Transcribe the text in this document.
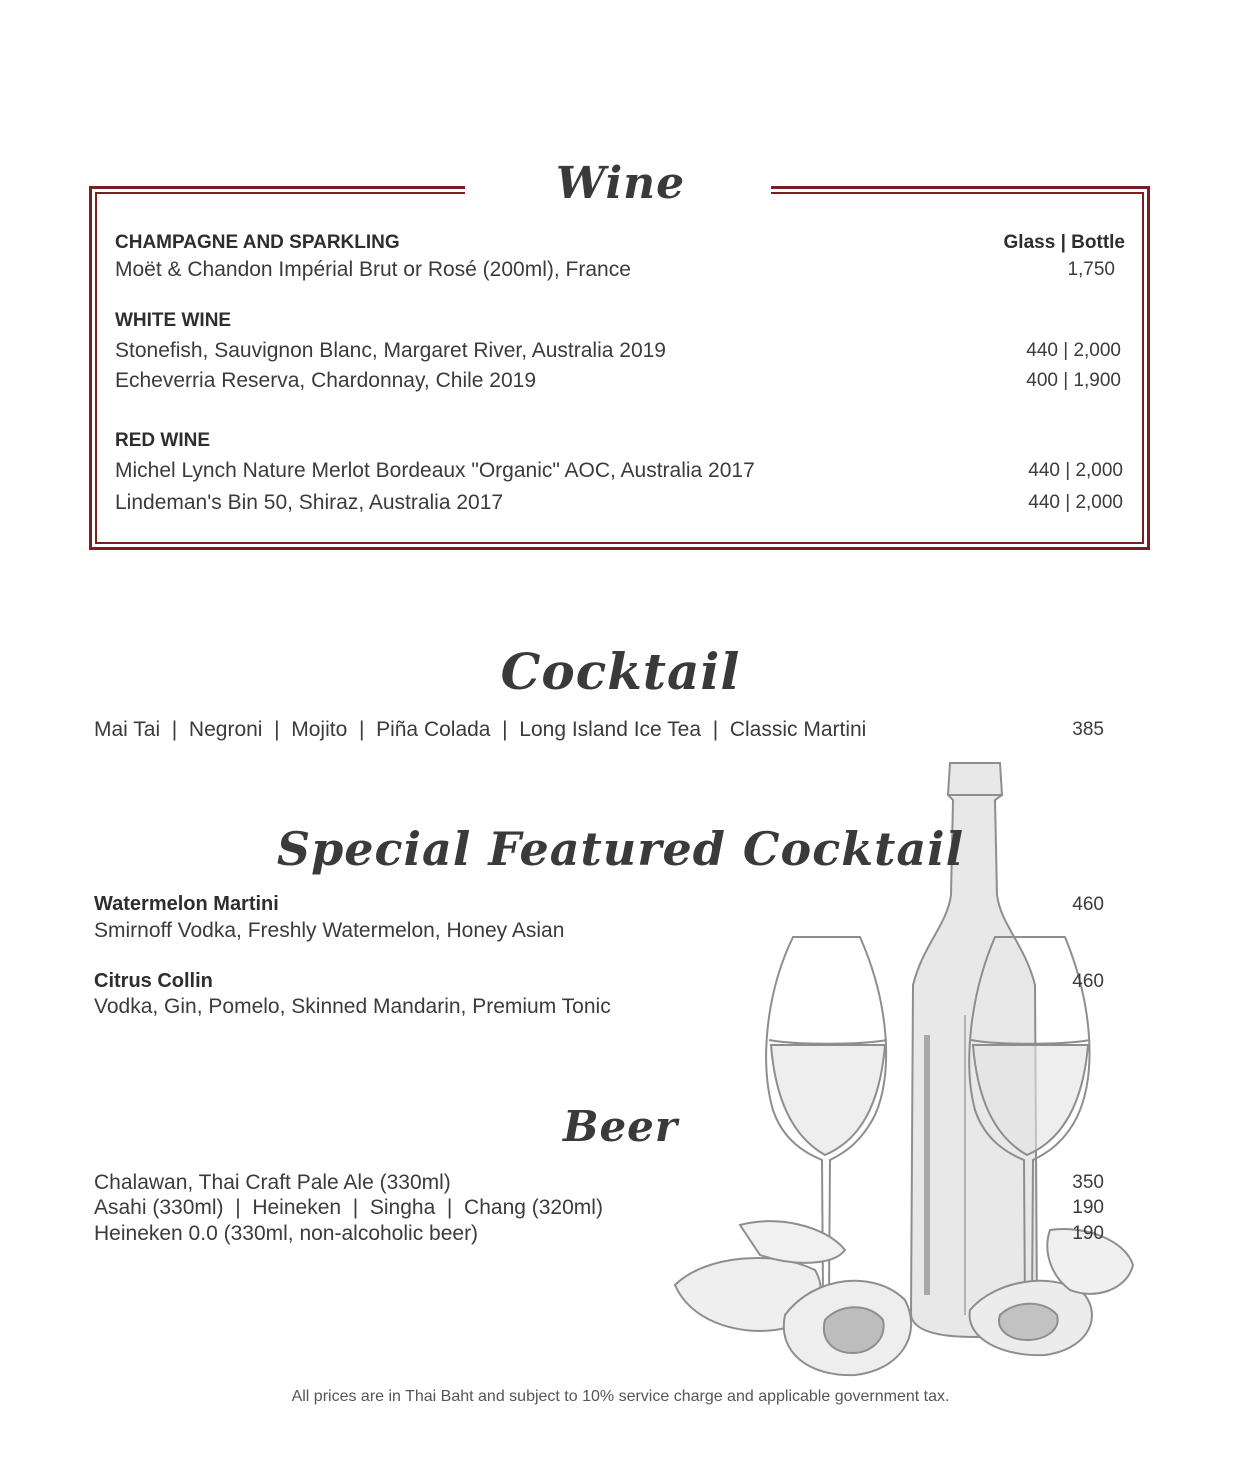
Wine
CHAMPAGNE AND SPARKLING	Glass | Bottle
Moët & Chandon Impérial Brut or Rosé (200ml), France	1,750
WHITE WINE
Stonefish, Sauvignon Blanc, Margaret River, Australia 2019	440 | 2,000
Echeverria Reserva, Chardonnay, Chile 2019	400 | 1,900
RED WINE
Michel Lynch Nature Merlot Bordeaux "Organic" AOC, Australia 2017	440 | 2,000
Lindeman's Bin 50, Shiraz, Australia 2017	440 | 2,000
Cocktail
Mai Tai  |  Negroni  |  Mojito  |  Piña Colada  |  Long Island Ice Tea  |  Classic Martini	385
Special Featured Cocktail
Watermelon Martini	460
Smirnoff Vodka, Freshly Watermelon, Honey Asian
Citrus Collin	460
Vodka, Gin, Pomelo, Skinned Mandarin, Premium Tonic
Beer
Chalawan, Thai Craft Pale Ale (330ml)	350
Asahi (330ml)  |  Heineken  |  Singha  |  Chang (320ml)	190
Heineken 0.0 (330ml, non-alcoholic beer)	190
All prices are in Thai Baht and subject to 10% service charge and applicable government tax.
